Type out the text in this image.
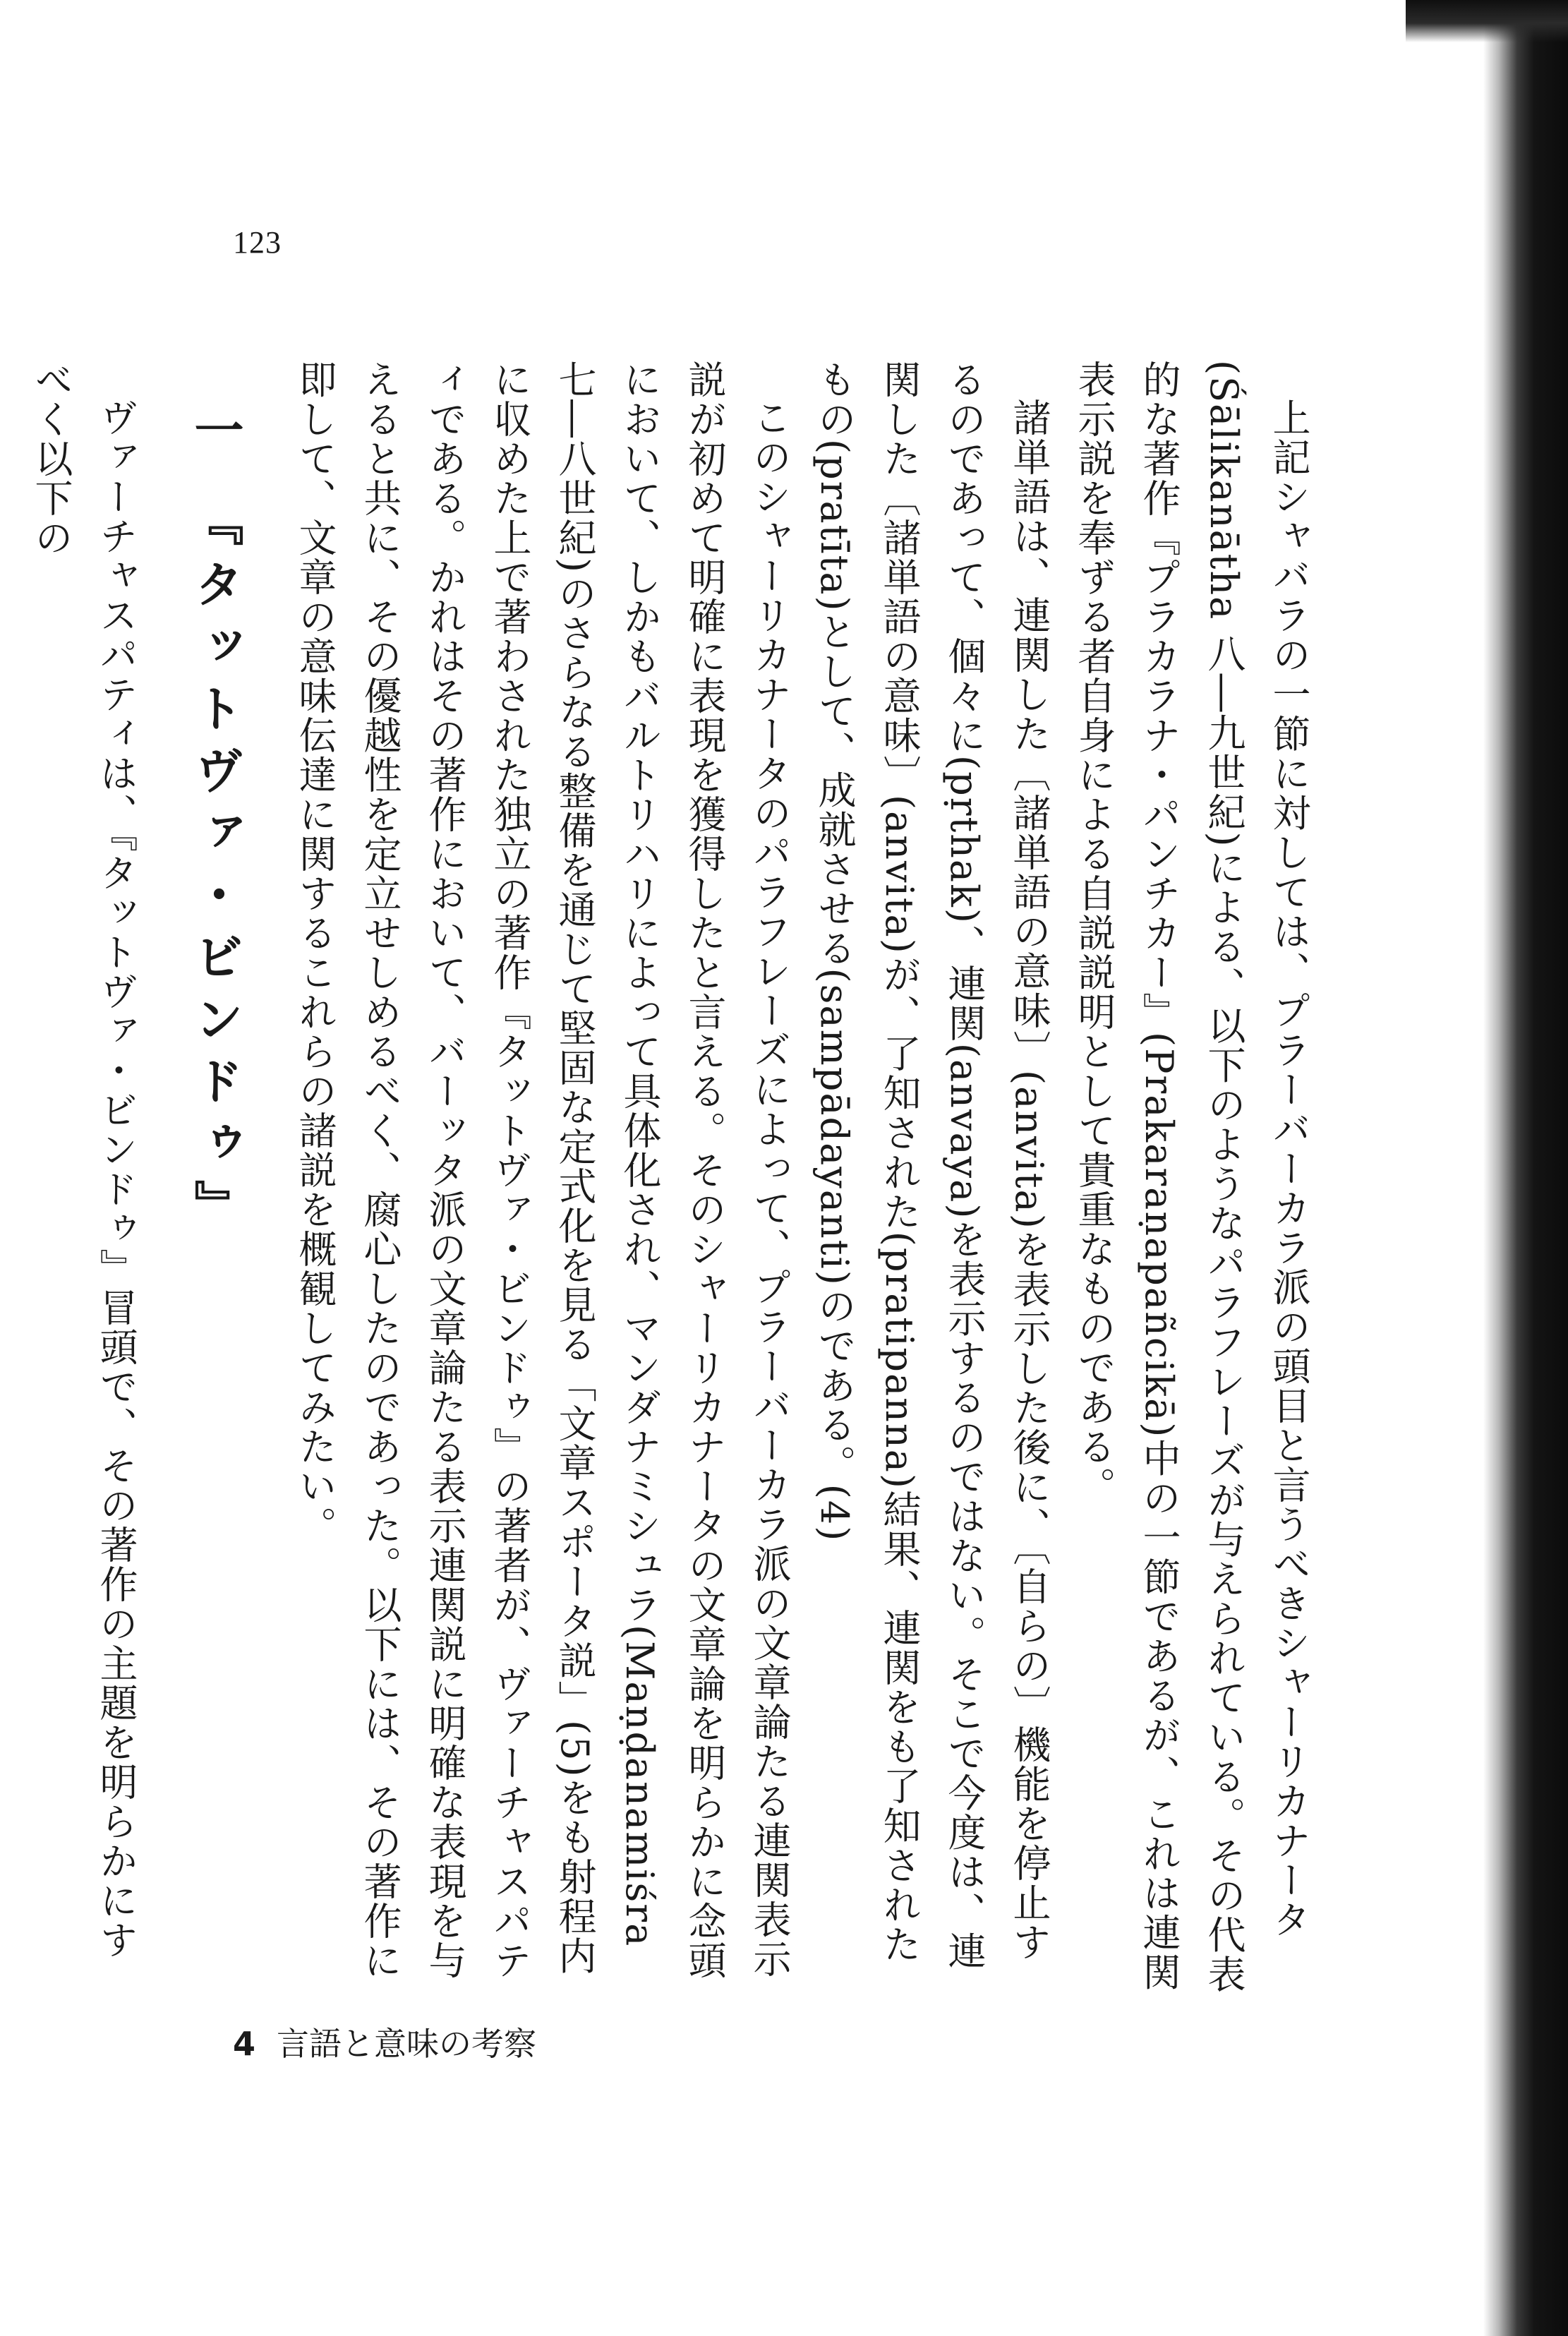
123

上記シャバラの一節に対しては、プラーバーカラ派の頭目と言うべきシャーリカナータ(Śālikanātha 八―九世紀)による、以下のようなパラフレーズが与えられている。その代表的な著作『プラカラナ・パンチカー』(Prakaraṇapañcikā)中の一節であるが、これは連関表示説を奉ずる者自身による自説説明として貴重なものである。

諸単語は、連関した〔諸単語の意味〕(anvita)を表示した後に、〔自らの〕機能を停止するのであって、個々に(pṛthak)、連関(anvaya)を表示するのではない。そこで今度は、連関した〔諸単語の意味〕(anvita)が、了知された(pratipanna)結果、連関をも了知されたもの(pratīta)として、成就させる(sampādayanti)のである。(4)

このシャーリカナータのパラフレーズによって、プラーバーカラ派の文章論たる連関表示説が初めて明確に表現を獲得したと言える。そのシャーリカナータの文章論を明らかに念頭において、しかもバルトリハリによって具体化され、マンダナミシュラ(Maṇḍanamiśra 七―八世紀)のさらなる整備を通じて堅固な定式化を見る「文章スポータ説」(5)をも射程内に収めた上で著わされた独立の著作『タットヴァ・ビンドゥ』の著者が、ヴァーチャスパティである。かれはその著作において、バーッタ派の文章論たる表示連関説に明確な表現を与えると共に、その優越性を定立せしめるべく、腐心したのであった。以下には、その著作に即して、文章の意味伝達に関するこれらの諸説を概観してみたい。

一 『タットヴァ・ビンドゥ』

ヴァーチャスパティは、『タットヴァ・ビンドゥ』冒頭で、その著作の主題を明らかにすべく以下の

4 言語と意味の考察
